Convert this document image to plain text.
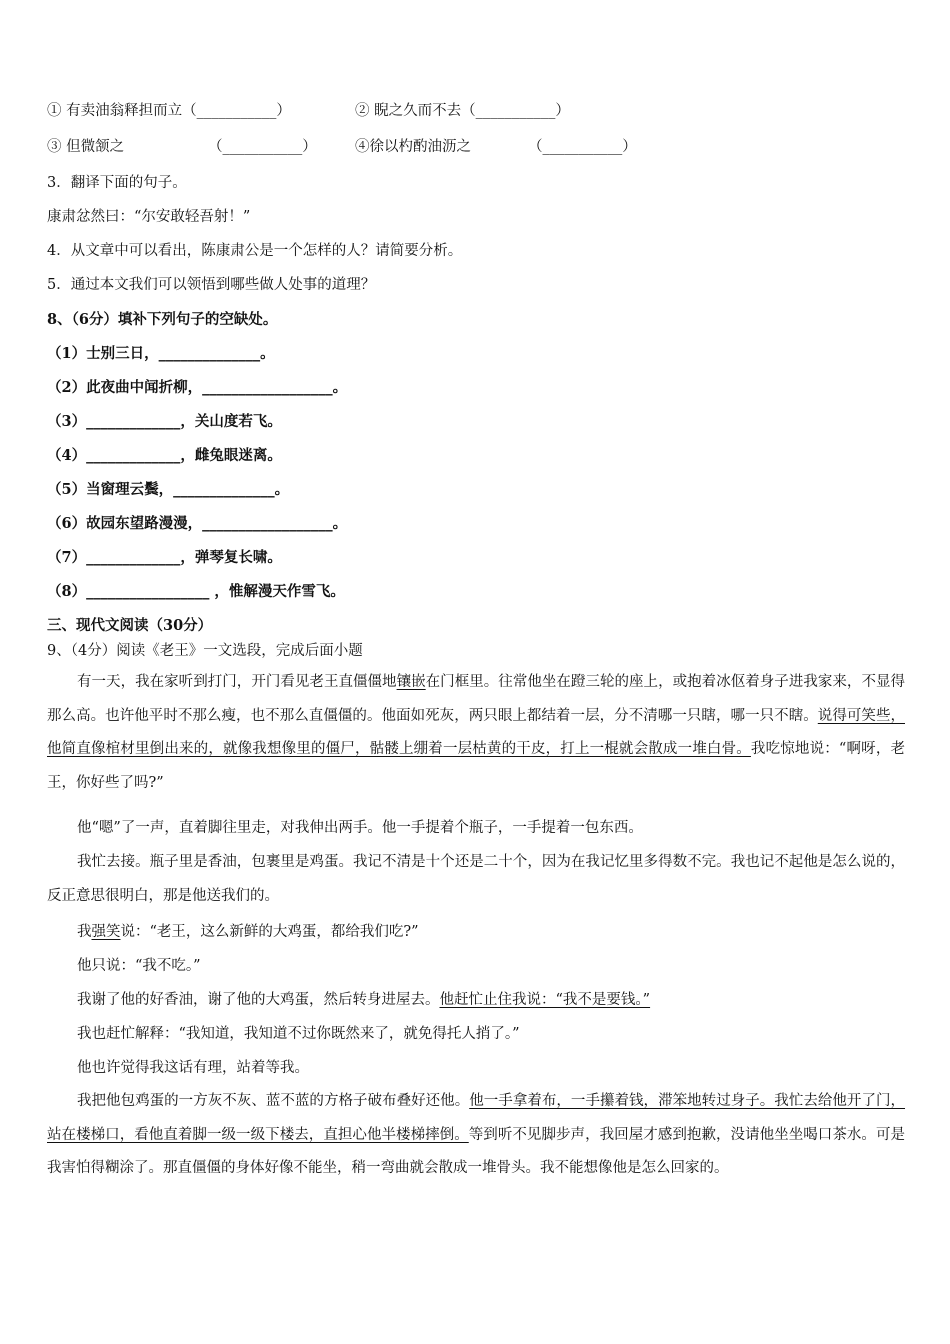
① 有卖油翁释担而立（___________）	② 睨之久而不去（___________）
③ 但微颔之	（___________）	④徐以杓酌油沥之	（___________）
3．翻译下面的句子。
康肃忿然曰：“尔安敢轻吾射！”
4．从文章中可以看出，陈康肃公是一个怎样的人？请简要分析。
5．通过本文我们可以领悟到哪些做人处事的道理？
8、（6分）填补下列句子的空缺处。
（1）士别三日，______________。
（2）此夜曲中闻折柳，__________________。
（3）_____________，关山度若飞。
（4）_____________，雌兔眼迷离。
（5）当窗理云鬓，______________。
（6）故园东望路漫漫，__________________。
（7）_____________，弹琴复长啸。
（8）_________________ ，惟解漫天作雪飞。
三、现代文阅读（30分）
9、（4分）阅读《老王》一文选段，完成后面小题
有一天，我在家听到打门，开门看见老王直僵僵地镶嵌在门框里。往常他坐在蹬三轮的座上，或抱着冰伛着身子进我家来，不显得那么高。也许他平时不那么瘦，也不那么直僵僵的。他面如死灰，两只眼上都结着一层，分不清哪一只瞎，哪一只不瞎。说得可笑些，他简直像棺材里倒出来的，就像我想像里的僵尸，骷髅上绷着一层枯黄的干皮，打上一棍就会散成一堆白骨。我吃惊地说：“啊呀，老王，你好些了吗?”
他“嗯”了一声，直着脚往里走，对我伸出两手。他一手提着个瓶子，一手提着一包东西。
我忙去接。瓶子里是香油，包裹里是鸡蛋。我记不清是十个还是二十个，因为在我记忆里多得数不完。我也记不起他是怎么说的，反正意思很明白，那是他送我们的。
我强笑说：“老王，这么新鲜的大鸡蛋，都给我们吃?”
他只说：“我不吃。”
我谢了他的好香油，谢了他的大鸡蛋，然后转身进屋去。他赶忙止住我说：“我不是要钱。”
我也赶忙解释：“我知道，我知道不过你既然来了，就免得托人捎了。”
他也许觉得我这话有理，站着等我。
我把他包鸡蛋的一方灰不灰、蓝不蓝的方格子破布叠好还他。他一手拿着布，一手攥着钱，滞笨地转过身子。我忙去给他开了门，站在楼梯口，看他直着脚一级一级下楼去，直担心他半楼梯摔倒。等到听不见脚步声，我回屋才感到抱歉，没请他坐坐喝口茶水。可是我害怕得糊涂了。那直僵僵的身体好像不能坐，稍一弯曲就会散成一堆骨头。我不能想像他是怎么回家的。
